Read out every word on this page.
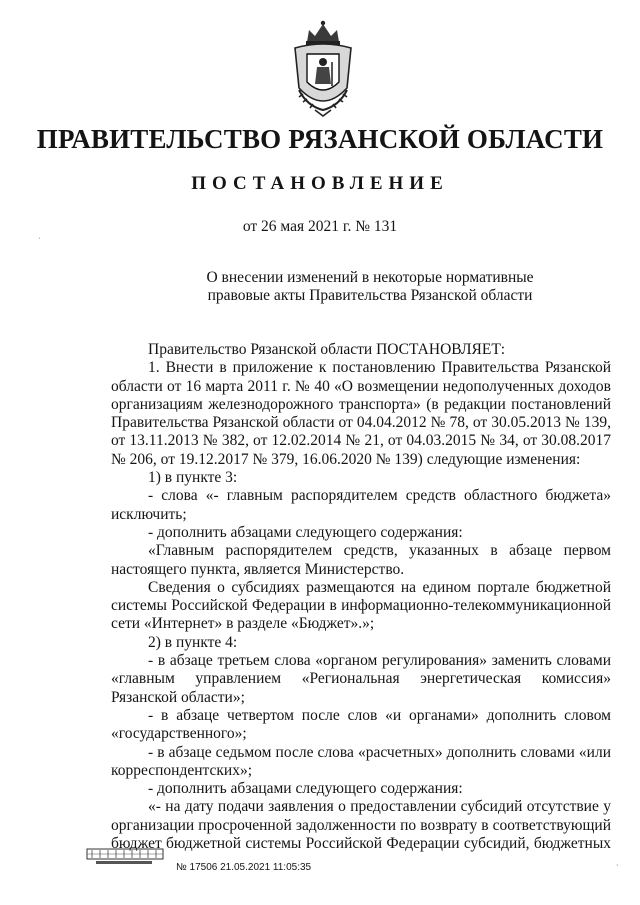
ПРАВИТЕЛЬСТВО РЯЗАНСКОЙ ОБЛАСТИ
ПОСТАНОВЛЕНИЕ
от 26 мая 2021 г. № 131
О внесении изменений в некоторые нормативные
правовые акты Правительства Рязанской области

Правительство Рязанской области ПОСТАНОВЛЯЕТ:

1. Внести в приложение к постановлению Правительства Рязанской области от 16 марта 2011 г. № 40 «О возмещении недополученных доходов организациям железнодорожного транспорта» (в редакции постановлений Правительства Рязанской области от 04.04.2012 № 78, от 30.05.2013 № 139, от 13.11.2013 № 382, от 12.02.2014 № 21, от 04.03.2015 № 34, от 30.08.2017 № 206, от 19.12.2017 № 379, 16.06.2020 № 139) следующие изменения:

1) в пункте 3:

- слова «- главным распорядителем средств областного бюджета» исключить;

- дополнить абзацами следующего содержания:

«Главным распорядителем средств, указанных в абзаце первом настоящего пункта, является Министерство.

Сведения о субсидиях размещаются на едином портале бюджетной системы Российской Федерации в информационно-телекоммуникационной сети «Интернет» в разделе «Бюджет».»;

2) в пункте 4:

- в абзаце третьем слова «органом регулирования» заменить словами «главным управлением «Региональная энергетическая комиссия» Рязанской области»;

- в абзаце четвертом после слов «и органами» дополнить словом «государственного»;

- в абзаце седьмом после слова «расчетных» дополнить словами «или корреспондентских»;

- дополнить абзацами следующего содержания:

«- на дату подачи заявления о предоставлении субсидий отсутствие у организации просроченной задолженности по возврату в соответствующий бюджет бюджетной системы Российской Федерации субсидий, бюджетных

№ 17506 21.05.2021 11:05:35
ˈ
ˏ
